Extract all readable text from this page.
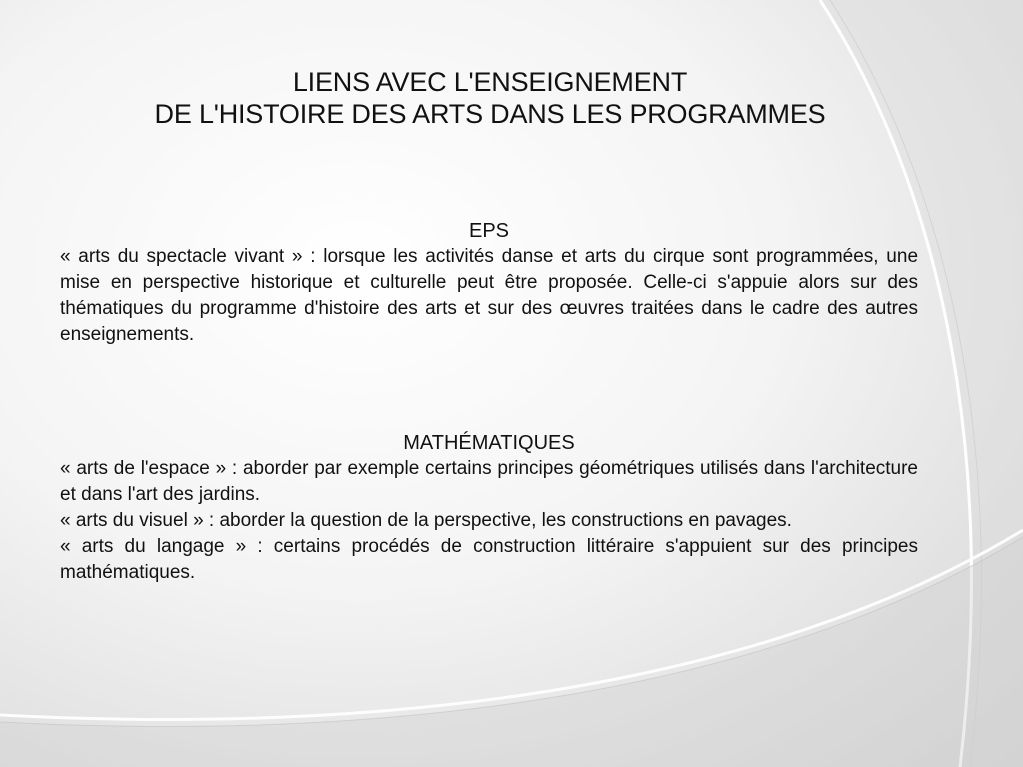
LIENS AVEC L'ENSEIGNEMENT
DE L'HISTOIRE DES ARTS DANS LES PROGRAMMES
EPS

« arts du spectacle vivant » : lorsque les activités danse et arts du cirque sont programmées, une mise en perspective historique et culturelle peut être proposée. Celle-ci s'appuie alors sur des thématiques du programme d'histoire des arts et sur des œuvres traitées dans le cadre des autres enseignements.

MATHÉMATIQUES

« arts de l'espace » : aborder par exemple certains principes géométriques utilisés dans l'architecture et dans l'art des jardins.

« arts du visuel » : aborder la question de la perspective, les constructions en pavages.

« arts du langage » : certains procédés de construction littéraire s'appuient sur des principes mathématiques.
